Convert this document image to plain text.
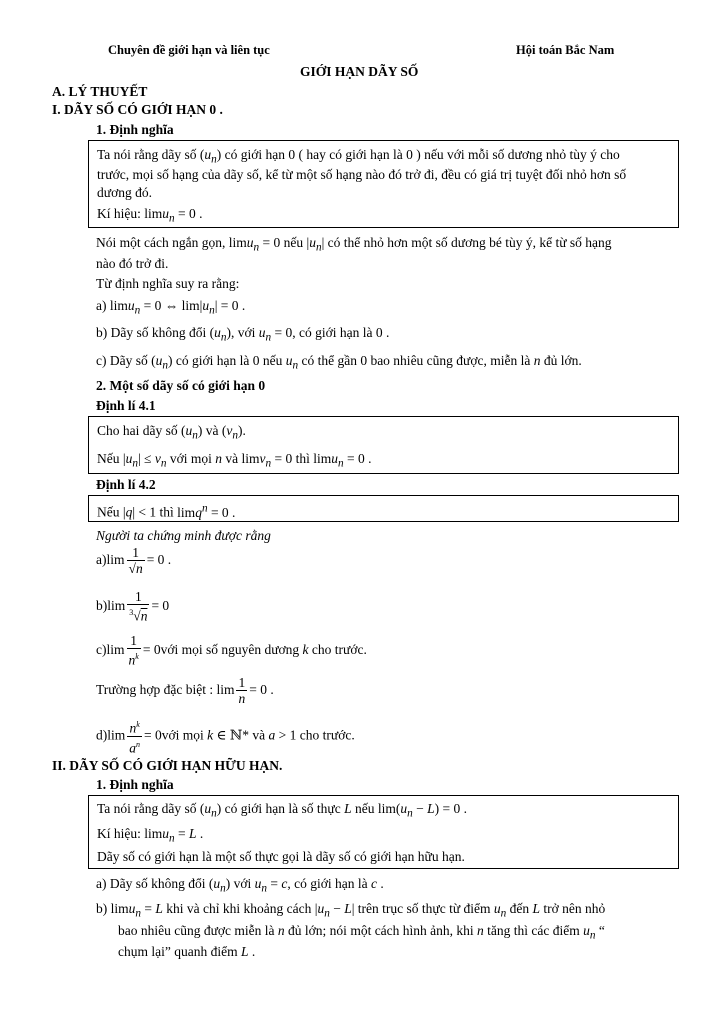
Chuyên đề giới hạn và liên tục	Hội toán Bắc Nam
GIỚI HẠN DÃY SỐ
A. LÝ THUYẾT
I. DÃY SỐ CÓ GIỚI HẠN 0 .
1. Định nghĩa
Ta nói rằng dãy số $(u_n)$ có giới hạn 0 ( hay có giới hạn là 0 ) nếu với mỗi số dương nhỏ tùy ý cho
trước, mọi số hạng của dãy số, kể từ một số hạng nào đó trở đi, đều có giá trị tuyệt đối nhỏ hơn số
dương đó.
Kí hiệu: limu$_n$ = 0 .
Nói một cách ngắn gọn, limu$_n$ = 0 nếu $|u_n|$ có thể nhỏ hơn một số dương bé tùy ý, kể từ số hạng
nào đó trở đi.
Từ định nghĩa suy ra rằng:
a) limu$_n$ = 0 ⇔ $\lim|u_n| = 0$ .
b) Dãy số không đổi $(u_n)$, với $u_n = 0$, có giới hạn là 0 .
c) Dãy số $(u_n)$ có giới hạn là 0 nếu $u_n$ có thể gần 0 bao nhiêu cũng được, miễn là n đủ lớn.
2. Một số dãy số có giới hạn 0
Định lí 4.1
Cho hai dãy số $(u_n)$ và $(v_n)$.
Nếu $|u_n| \le v_n$ với mọi n và limv$_n$ = 0 thì limu$_n$ = 0 .
Định lí 4.2
Nếu |q| < 1 thì limq$^n$ = 0 .
Người ta chứng minh được rằng
$a)\lim \frac{1}{√n} = 0$ .
$b)\lim \frac{1}{^3√n} = 0$
$c)\lim \frac{1}{n^k}$ = 0với mọi số nguyên dương k cho trước.
Trường hợp đặc biệt : $\lim \frac{1}{n} = 0$ .
$d)\lim \frac{n^k}{a^n}$ = 0với mọi k ∈ ℕ* và a > 1 cho trước.
II. DÃY SỐ CÓ GIỚI HẠN HỮU HẠN.
1. Định nghĩa
Ta nói rằng dãy số $(u_n)$ có giới hạn là số thực L nếu $\lim(u_n - L) = 0$ .
Kí hiệu: limu$_n$ = L .
Dãy số có giới hạn là một số thực gọi là dãy số có giới hạn hữu hạn.
a) Dãy số không đổi $(u_n)$ với $u_n = c$, có giới hạn là c .
b) limu$_n$ = L khi và chỉ khi khoảng cách $|u_n - L|$ trên trục số thực từ điểm $u_n$ đến L trở nên nhỏ
bao nhiêu cũng được miễn là n đủ lớn; nói một cách hình ảnh, khi n tăng thì các điểm $u_n$ “
chụm lại” quanh điểm L .
